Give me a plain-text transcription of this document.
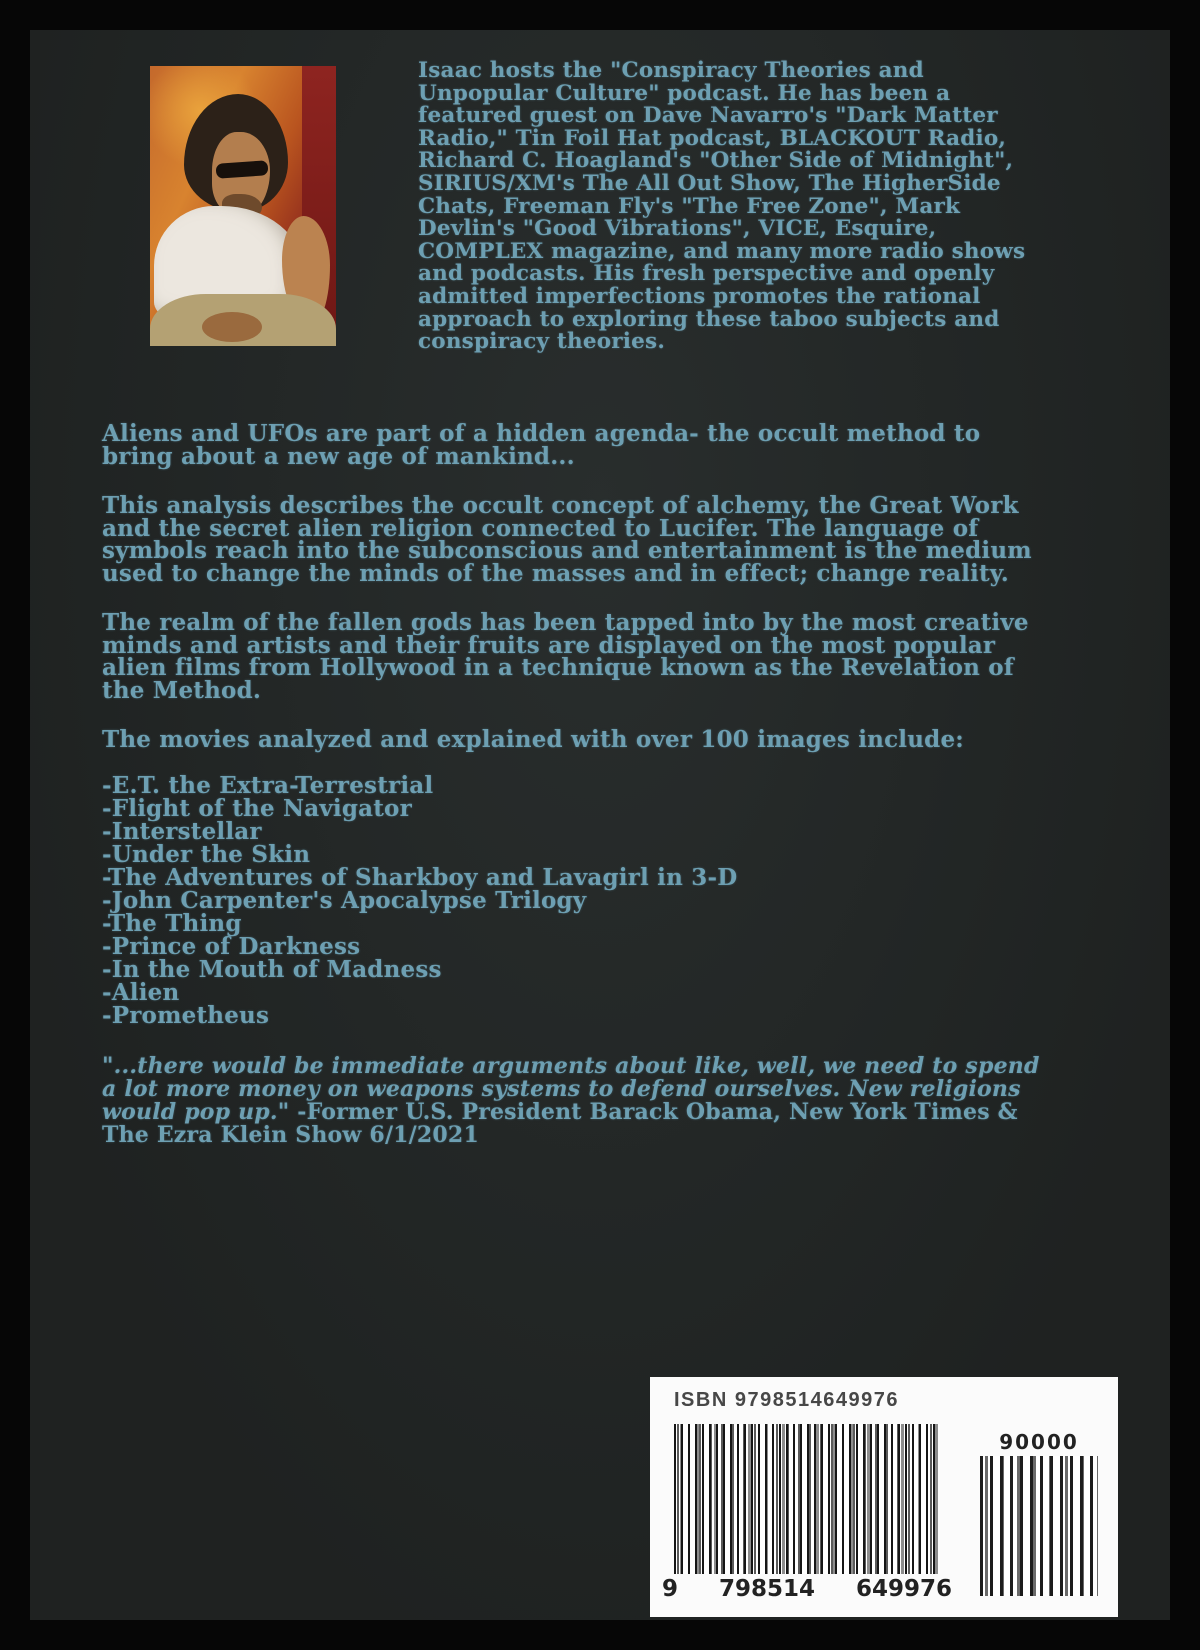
Isaac hosts the "Conspiracy Theories and Unpopular Culture" podcast. He has been a featured guest on Dave Navarro's "Dark Matter Radio," Tin Foil Hat podcast, BLACKOUT Radio, Richard C. Hoagland's "Other Side of Midnight", SIRIUS/XM's The All Out Show, The HigherSide Chats, Freeman Fly's "The Free Zone", Mark Devlin's "Good Vibrations", VICE, Esquire, COMPLEX magazine, and many more radio shows and podcasts. His fresh perspective and openly admitted imperfections promotes the rational approach to exploring these taboo subjects and conspiracy theories.

Aliens and UFOs are part of a hidden agenda- the occult method to bring about a new age of mankind...

This analysis describes the occult concept of alchemy, the Great Work and the secret alien religion connected to Lucifer. The language of symbols reach into the subconscious and entertainment is the medium used to change the minds of the masses and in effect; change reality.

The realm of the fallen gods has been tapped into by the most creative minds and artists and their fruits are displayed on the most popular alien films from Hollywood in a technique known as the Revelation of the Method.

The movies analyzed and explained with over 100 images include:

-E.T. the Extra-Terrestrial
-Flight of the Navigator
-Interstellar
-Under the Skin
-The Adventures of Sharkboy and Lavagirl in 3-D
-John Carpenter's Apocalypse Trilogy
-The Thing
-Prince of Darkness
-In the Mouth of Madness
-Alien
-Prometheus

"...there would be immediate arguments about like, well, we need to spend a lot more money on weapons systems to defend ourselves. New religions would pop up." -Former U.S. President Barack Obama, New York Times & The Ezra Klein Show 6/1/2021

ISBN 9798514649976
9 798514 649976
90000
